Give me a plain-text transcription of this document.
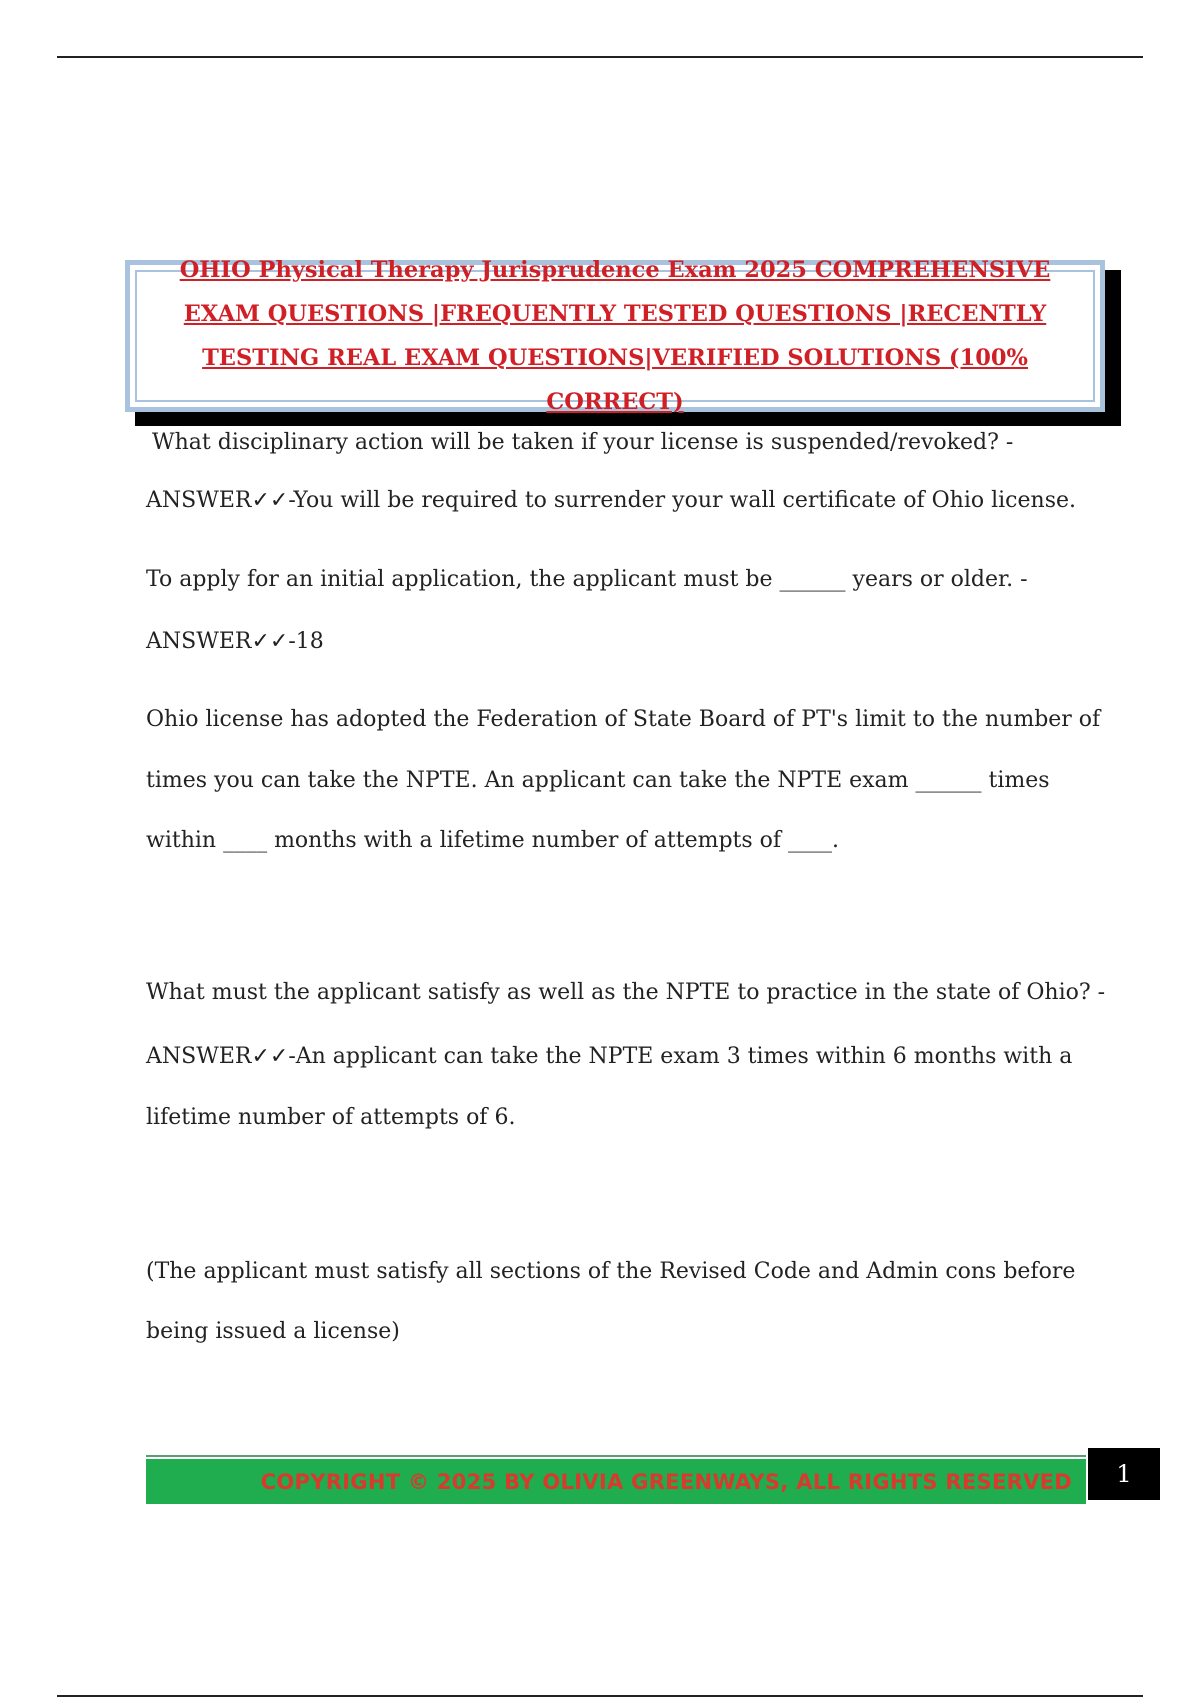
OHIO Physical Therapy Jurisprudence Exam 2025 COMPREHENSIVE EXAM QUESTIONS |FREQUENTLY TESTED QUESTIONS |RECENTLY TESTING REAL EXAM QUESTIONS|VERIFIED SOLUTIONS (100% CORRECT)

What disciplinary action will be taken if your license is suspended/revoked? -

ANSWER✓✓-You will be required to surrender your wall certificate of Ohio license.

To apply for an initial application, the applicant must be ______ years or older. -

ANSWER✓✓-18

Ohio license has adopted the Federation of State Board of PT's limit to the number of

times you can take the NPTE. An applicant can take the NPTE exam ______ times

within ____ months with a lifetime number of attempts of ____.

What must the applicant satisfy as well as the NPTE to practice in the state of Ohio? -

ANSWER✓✓-An applicant can take the NPTE exam 3 times within 6 months with a

lifetime number of attempts of 6.

(The applicant must satisfy all sections of the Revised Code and Admin cons before

being issued a license)

COPYRIGHT © 2025 BY OLIVIA GREENWAYS, ALL RIGHTS RESERVED	1
